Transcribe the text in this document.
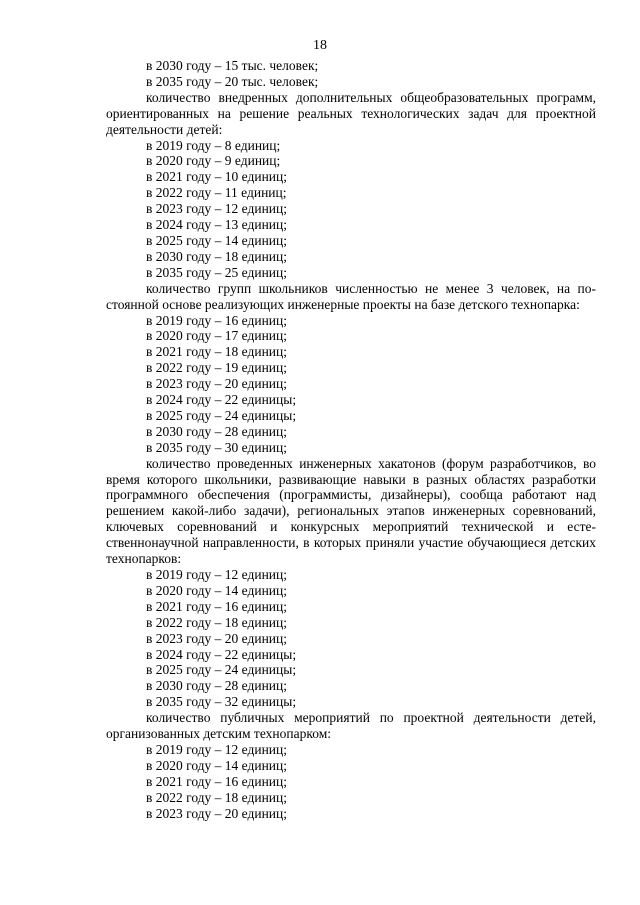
18
в 2030 году – 15 тыс. человек;
в 2035 году – 20 тыс. человек;
количество внедренных дополнительных общеобразовательных программ, ориентированных на решение реальных технологических задач для проектной деятельности детей:
в 2019 году – 8 единиц;
в 2020 году – 9 единиц;
в 2021 году – 10 единиц;
в 2022 году – 11 единиц;
в 2023 году – 12 единиц;
в 2024 году – 13 единиц;
в 2025 году – 14 единиц;
в 2030 году – 18 единиц;
в 2035 году – 25 единиц;
количество групп школьников численностью не менее 3 человек, на постоянной основе реализующих инженерные проекты на базе детского технопарка:
в 2019 году – 16 единиц;
в 2020 году – 17 единиц;
в 2021 году – 18 единиц;
в 2022 году – 19 единиц;
в 2023 году – 20 единиц;
в 2024 году – 22 единицы;
в 2025 году – 24 единицы;
в 2030 году – 28 единиц;
в 2035 году – 30 единиц;
количество проведенных инженерных хакатонов (форум разработчиков, во время которого школьники, развивающие навыки в разных областях разработки программного обеспечения (программисты, дизайнеры), сообща работают над решением какой-либо задачи), региональных этапов инженерных соревнований, ключевых соревнований и конкурсных мероприятий технической и естественнонаучной направленности, в которых приняли участие обучающиеся детских технопарков:
в 2019 году – 12 единиц;
в 2020 году – 14 единиц;
в 2021 году – 16 единиц;
в 2022 году – 18 единиц;
в 2023 году – 20 единиц;
в 2024 году – 22 единицы;
в 2025 году – 24 единицы;
в 2030 году – 28 единиц;
в 2035 году – 32 единицы;
количество публичных мероприятий по проектной деятельности детей, организованных детским технопарком:
в 2019 году – 12 единиц;
в 2020 году – 14 единиц;
в 2021 году – 16 единиц;
в 2022 году – 18 единиц;
в 2023 году – 20 единиц;
